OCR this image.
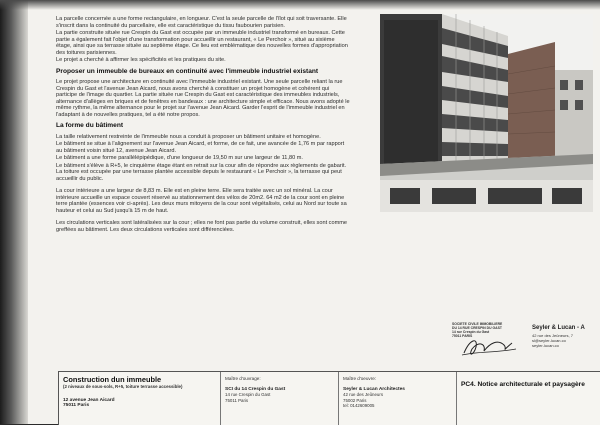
La parcelle concernée a une forme rectangulaire, en longueur. C'est la seule parcelle de l'îlot qui soit traversante. Elle s'inscrit dans la continuité du parcellaire, elle est caractéristique du tissu faubourien parisien.

La partie construite située rue Crespin du Gast est occupée par un immeuble industriel transformé en bureaux. Cette partie a également fait l'objet d'une transformation pour accueillir un restaurant, « Le Perchoir », situé au sixième étage, ainsi que sa terrasse située au septième étage. Ce lieu est emblématique des nouvelles formes d'appropriation des toitures parisiennes.

Le projet a cherché à affirmer les spécificités et les pratiques du site.

Proposer un immeuble de bureaux en continuité avec l'immeuble industriel existant

Le projet propose une architecture en continuité avec l'immeuble industriel existant. Une seule parcelle reliant la rue Crespin du Gast et l'avenue Jean Aicard, nous avons cherché à constituer un projet homogène et cohérent qui participe de l'image du quartier. La partie située rue Crespin du Gast est caractéristique des immeubles industriels, alternance d'allèges en briques et de fenêtres en bandeaux : une architecture simple et efficace. Nous avons adopté le même rythme, la même alternance pour le projet sur l'avenue Jean Aicard. Garder l'esprit de l'immeuble industriel en l'adaptant à de nouvelles pratiques, tel a été notre propos.

La forme du bâtiment

La taille relativement restreinte de l'immeuble nous a conduit à proposer un bâtiment unitaire et homogène.

Le bâtiment se situe à l'alignement sur l'avenue Jean Aicard, et forme, de ce fait, une avancée de 1,76 m par rapport au bâtiment voisin situé 12, avenue Jean Aicard.

Le bâtiment a une forme parallélépipédique, d'une longueur de 19,50 m sur une largeur de 11,80 m.

Le bâtiment s'élève à R+5, le cinquième étage étant en retrait sur la cour afin de répondre aux règlements de gabarit. La toiture est occupée par une terrasse plantée accessible depuis le restaurant « Le Perchoir », la terrasse qui peut accueillir du public.

La cour intérieure a une largeur de 8,83 m. Elle est en pleine terre. Elle sera traitée avec un sol minéral. La cour intérieure accueille un espace couvert réservé au stationnement des vélos de 20m2. 64 m2 de la cour sont en pleine terre plantée (essences voir ci-après). Les deux murs mitoyens de la cour sont végétalisés, celui au Nord sur toute sa hauteur et celui au Sud jusqu'à 15 m de haut.

Les circulations verticales sont latéralisées sur la cour ; elles ne font pas partie du volume construit, elles sont comme greffées au bâtiment. Les deux circulations verticales sont différenciées.

SOCIETE CIVILE IMMOBILIERE
DU 14 RUE CRESPIN DU GAST
14 rue Crespin du Gast
75011 PARIS
Seyler & Lucan - A
42 rue des Jeûneurs, 7
sl@seyler-lucan.co
seyler-lucan.co
Construction dun immeuble
(2 niveaux de sous-sols, R+5, toiture terrasse accessible)
12 avenue Jean Aicard
75011 Paris
Maître d'ouvrage:
SCI du 14 Crespin du Gast
14 rue Crespin du Gast
75011 Paris
Maître d'oeuvre:
Seyler & Lucan Architectes
42 rue des Jeûneurs
75002 Paris
tel: 0142609005
PC4. Notice architecturale et paysagère
